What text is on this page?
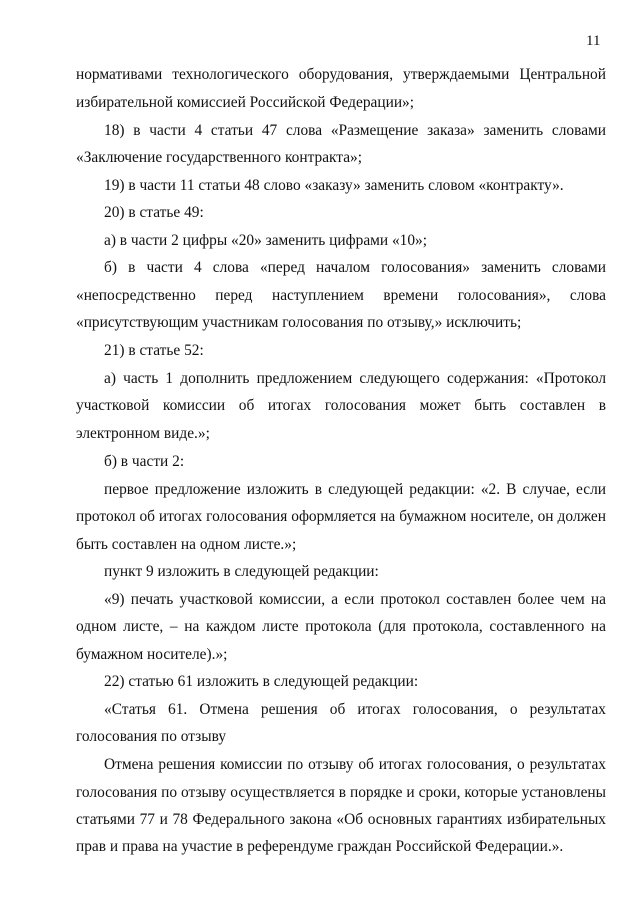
11
нормативами технологического оборудования, утверждаемыми Центральной
избирательной комиссией Российской Федерации»;
18) в части 4 статьи 47 слова «Размещение заказа» заменить словами
«Заключение государственного контракта»;
19) в части 11 статьи 48 слово «заказу» заменить словом «контракту».
20) в статье 49:
а) в части 2 цифры «20» заменить цифрами «10»;
б) в части 4 слова «перед началом голосования» заменить словами
«непосредственно перед наступлением времени голосования», слова
«присутствующим участникам голосования по отзыву,» исключить;
21) в статье 52:
а) часть 1 дополнить предложением следующего содержания: «Протокол
участковой комиссии об итогах голосования может быть составлен в
электронном виде.»;
б) в части 2:
первое предложение изложить в следующей редакции: «2. В случае, если
протокол об итогах голосования оформляется на бумажном носителе, он должен
быть составлен на одном листе.»;
пункт 9 изложить в следующей редакции:
«9) печать участковой комиссии, а если протокол составлен более чем на
одном листе, – на каждом листе протокола (для протокола, составленного на
бумажном носителе).»;
22) статью 61 изложить в следующей редакции:
«Статья 61. Отмена решения об итогах голосования, о результатах
голосования по отзыву
Отмена решения комиссии по отзыву об итогах голосования, о результатах
голосования по отзыву осуществляется в порядке и сроки, которые установлены
статьями 77 и 78 Федерального закона «Об основных гарантиях избирательных
прав и права на участие в референдуме граждан Российской Федерации.».
